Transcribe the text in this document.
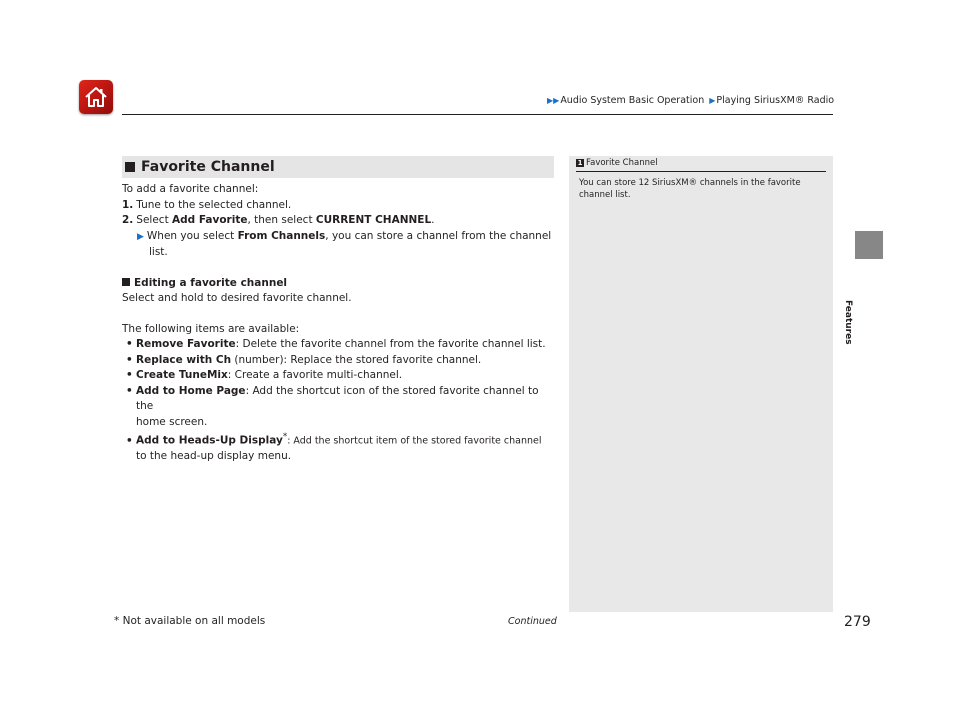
▶▶Audio System Basic Operation ▶Playing SiriusXM® Radio
Features
Favorite Channel

To add a favorite channel:

1. Tune to the selected channel.

2. Select Add Favorite, then select CURRENT CHANNEL.

▶ When you select From Channels, you can store a channel from the channel

list.

Editing a favorite channel

Select and hold to desired favorite channel.

The following items are available:

• Remove Favorite: Delete the favorite channel from the favorite channel list.

• Replace with Ch (number): Replace the stored favorite channel.

• Create TuneMix: Create a favorite multi-channel.

• Add to Home Page: Add the shortcut icon of the stored favorite channel to the
home screen.

• Add to Heads-Up Display*: Add the shortcut item of the stored favorite channel
to the head-up display menu.

1 Favorite Channel
You can store 12 SiriusXM® channels in the favorite channel list.
* Not available on all models	Continued	279
